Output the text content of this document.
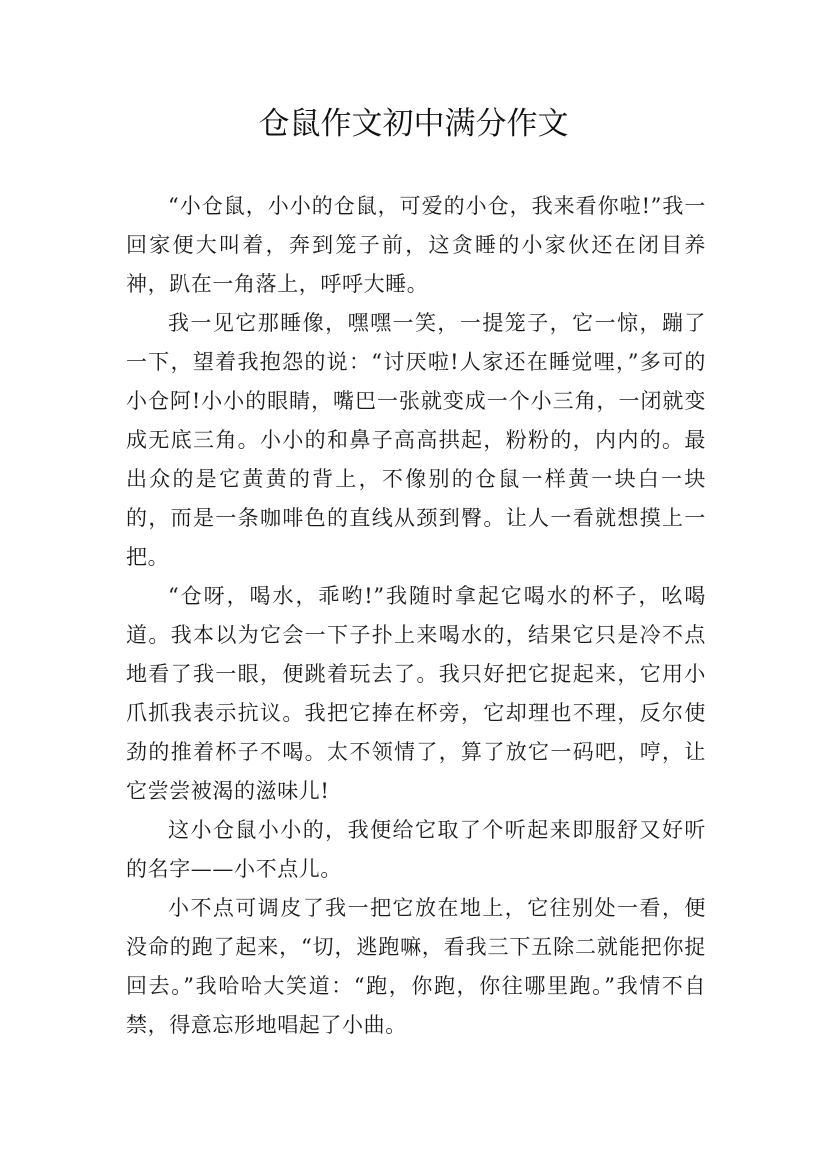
仓鼠作文初中满分作文

“小仓鼠，小小的仓鼠，可爱的小仓，我来看你啦!”我一回家便大叫着，奔到笼子前，这贪睡的小家伙还在闭目养神，趴在一角落上，呼呼大睡。

我一见它那睡像，嘿嘿一笑，一提笼子，它一惊，蹦了一下，望着我抱怨的说：“讨厌啦!人家还在睡觉哩，”多可的小仓阿!小小的眼睛，嘴巴一张就变成一个小三角，一闭就变成无底三角。小小的和鼻子高高拱起，粉粉的，内内的。最出众的是它黄黄的背上，不像别的仓鼠一样黄一块白一块的，而是一条咖啡色的直线从颈到臀。让人一看就想摸上一把。

“仓呀，喝水，乖哟!”我随时拿起它喝水的杯子，吆喝道。我本以为它会一下子扑上来喝水的，结果它只是冷不点地看了我一眼，便跳着玩去了。我只好把它捉起来，它用小爪抓我表示抗议。我把它捧在杯旁，它却理也不理，反尔使劲的推着杯子不喝。太不领情了，算了放它一码吧，哼，让它尝尝被渴的滋味儿!

这小仓鼠小小的，我便给它取了个听起来即服舒又好听的名字——小不点儿。

小不点可调皮了我一把它放在地上，它往别处一看，便没命的跑了起来，“切，逃跑嘛，看我三下五除二就能把你捉回去。”我哈哈大笑道：“跑，你跑，你往哪里跑。”我情不自禁，得意忘形地唱起了小曲。
